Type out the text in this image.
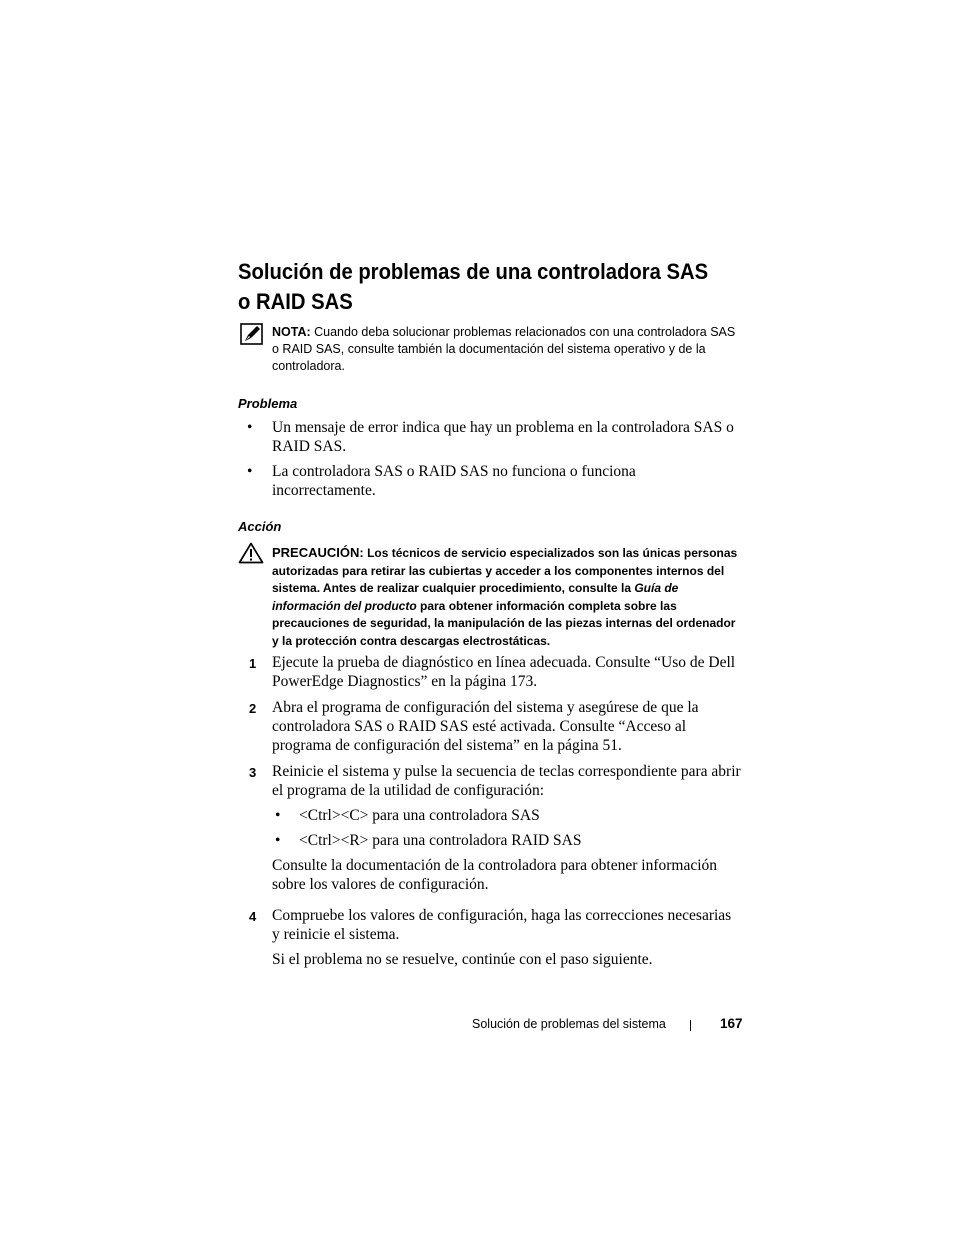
Solución de problemas de una controladora SAS o RAID SAS
NOTA: Cuando deba solucionar problemas relacionados con una controladora SAS o RAID SAS, consulte también la documentación del sistema operativo y de la controladora.
Problema
• Un mensaje de error indica que hay un problema en la controladora SAS o RAID SAS.
• La controladora SAS o RAID SAS no funciona o funciona incorrectamente.
Acción
PRECAUCIÓN: Los técnicos de servicio especializados son las únicas personas autorizadas para retirar las cubiertas y acceder a los componentes internos del sistema. Antes de realizar cualquier procedimiento, consulte la Guía de información del producto para obtener información completa sobre las precauciones de seguridad, la manipulación de las piezas internas del ordenador y la protección contra descargas electrostáticas.
1 Ejecute la prueba de diagnóstico en línea adecuada. Consulte “Uso de Dell PowerEdge Diagnostics” en la página 173.
2 Abra el programa de configuración del sistema y asegúrese de que la controladora SAS o RAID SAS esté activada. Consulte “Acceso al programa de configuración del sistema” en la página 51.
3 Reinicie el sistema y pulse la secuencia de teclas correspondiente para abrir el programa de la utilidad de configuración:
• <Ctrl><C> para una controladora SAS
• <Ctrl><R> para una controladora RAID SAS
Consulte la documentación de la controladora para obtener información sobre los valores de configuración.
4 Compruebe los valores de configuración, haga las correcciones necesarias y reinicie el sistema.
Si el problema no se resuelve, continúe con el paso siguiente.
Solución de problemas del sistema	167
